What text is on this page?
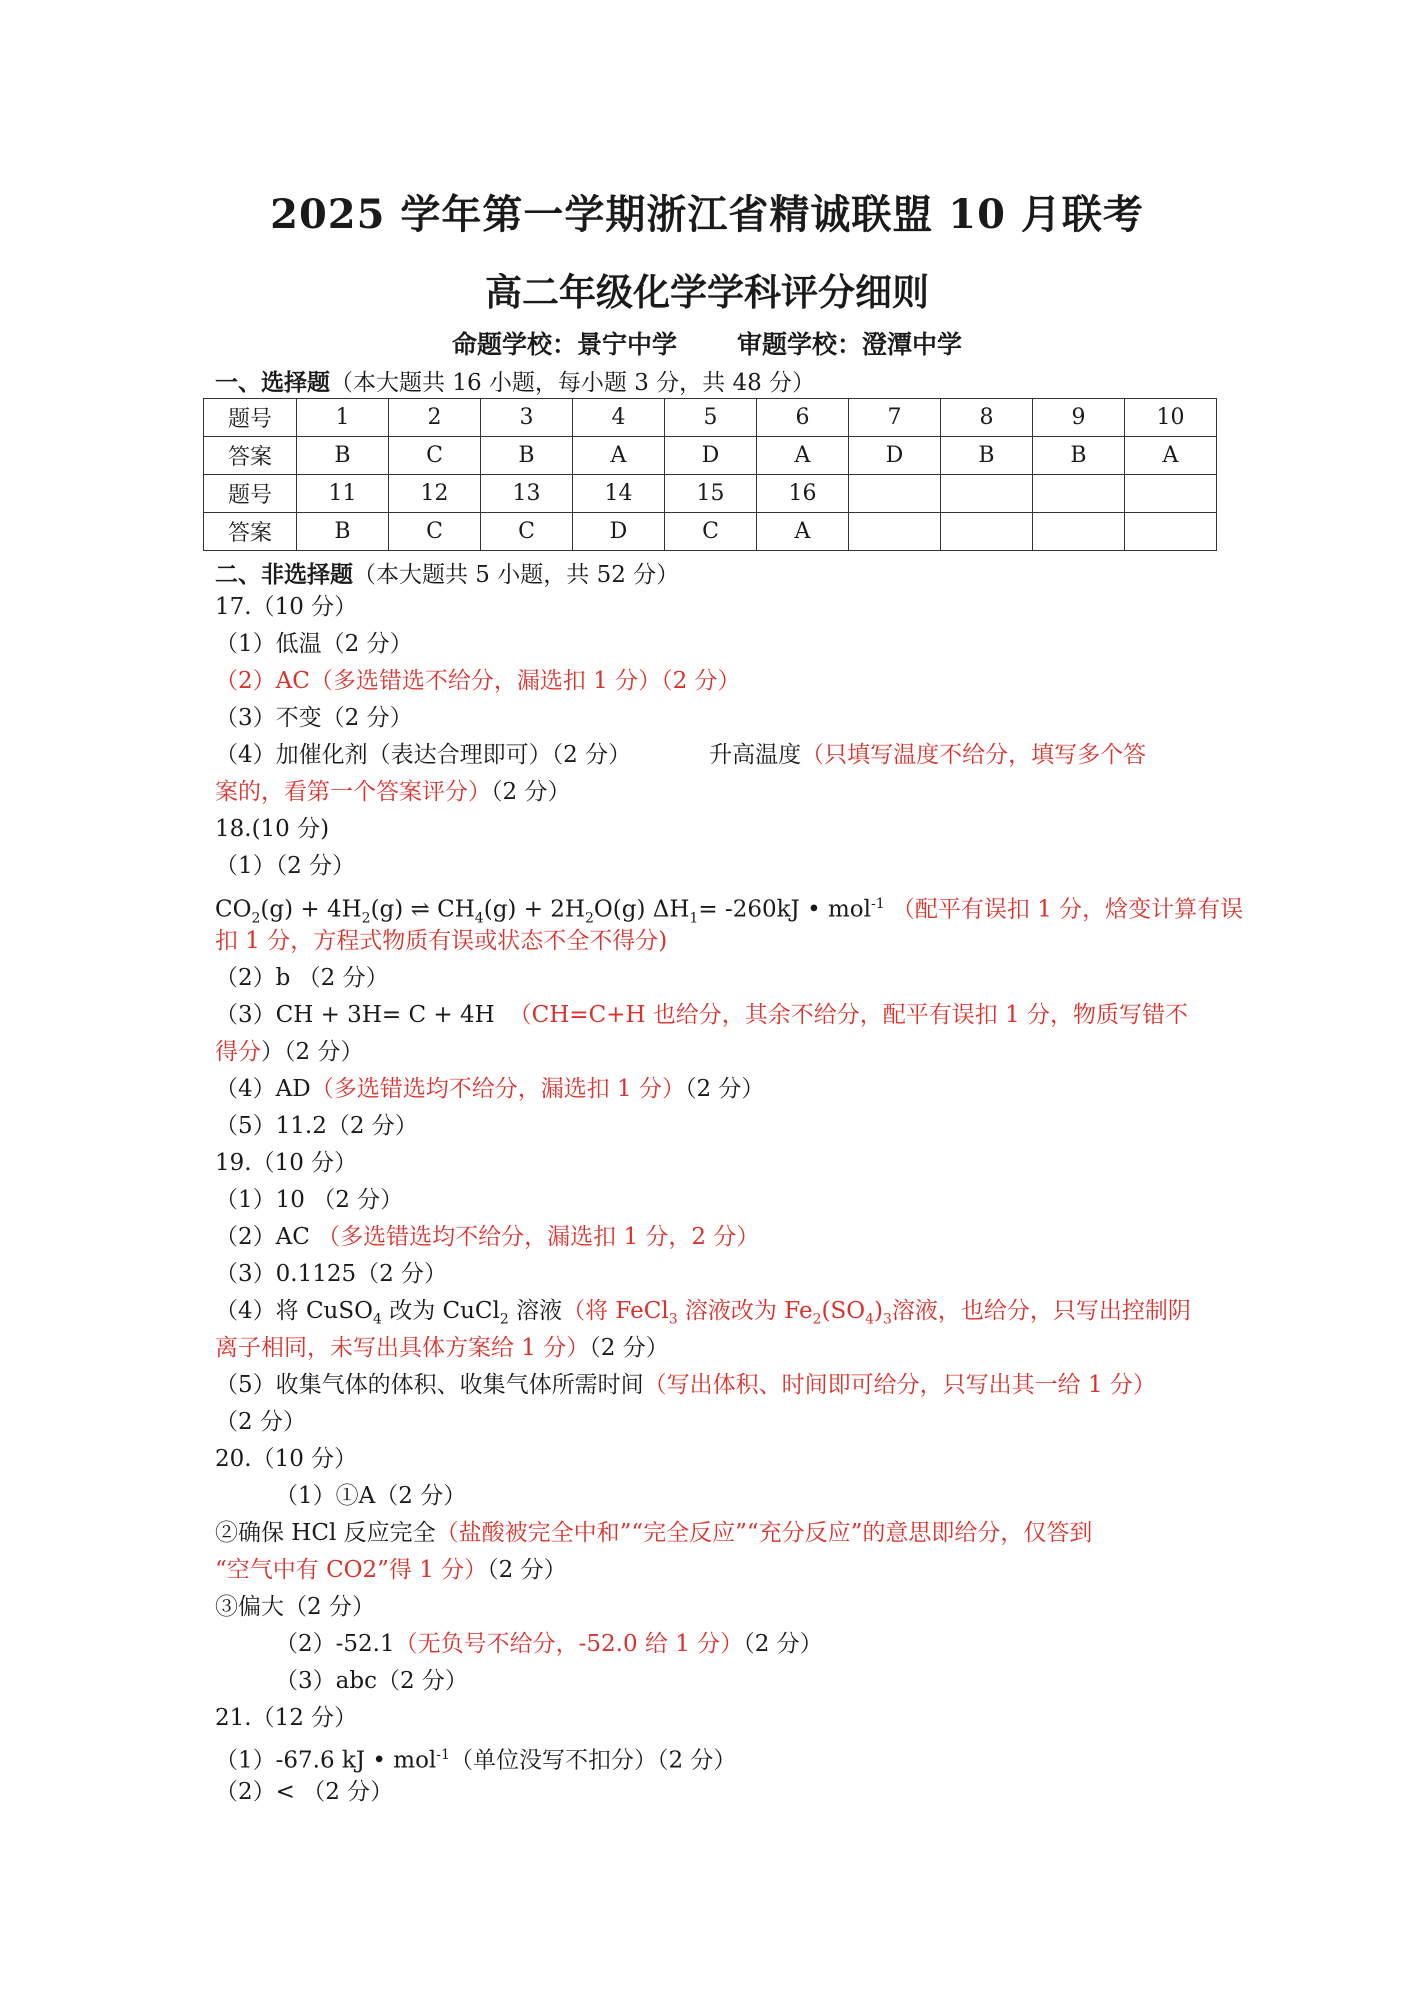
2025 学年第一学期浙江省精诚联盟 10 月联考
高二年级化学学科评分细则
命题学校：景宁中学 审题学校：澄潭中学
一、选择题（本大题共 16 小题，每小题 3 分，共 48 分）
题号	1	2	3	4	5	6	7	8	9	10
答案	B	C	B	A	D	A	D	B	B	A
题号	11	12	13	14	15	16				
答案	B	C	C	D	C	A				
二、非选择题（本大题共 5 小题，共 52 分）
17.（10 分）
（1）低温（2 分）
（2）AC（多选错选不给分，漏选扣 1 分）（2 分）
（3）不变（2 分）
（4）加催化剂（表达合理即可）（2 分）	升高温度（只填写温度不给分，填写多个答
案的，看第一个答案评分）（2 分）
18.(10 分)
（1）（2 分）
$CO_2(g) + 4H_2(g)$ ⇌ $CH_4(g) + 2H_2O(g)$ $\Delta H_1= -260kJ$ • mol$^{-1}$ （配平有误扣 1 分，焓变计算有误
扣 1 分，方程式物质有误或状态不全不得分)
（2）b （2 分）
（3）CH + 3H= C + 4H （CH=C+H 也给分，其余不给分，配平有误扣 1 分，物质写错不
得分）（2 分）
（4）AD（多选错选均不给分，漏选扣 1 分）（2 分）
（5）11.2（2 分）
19.（10 分）
（1）10 （2 分）
（2）AC （多选错选均不给分，漏选扣 1 分，2 分）
（3）0.1125（2 分）
（4）将 CuSO$_4$ 改为 CuCl$_2$ 溶液（将 FeCl$_3$ 溶液改为 $Fe_2(SO_4)_3$溶液，也给分，只写出控制阴
离子相同，未写出具体方案给 1 分）（2 分）
（5）收集气体的体积、收集气体所需时间（写出体积、时间即可给分，只写出其一给 1 分）
（2 分）
20.（10 分）
（1）①A（2 分）
②确保 HCl 反应完全（盐酸被完全中和”“完全反应”“充分反应”的意思即给分，仅答到
“空气中有 CO2”得 1 分）（2 分）
③偏大（2 分）
（2）-52.1（无负号不给分，-52.0 给 1 分）（2 分）
（3）abc（2 分）
21.（12 分）
（1）-67.6 kJ • mol$^{-1}$（单位没写不扣分）（2 分）
（2）< （2 分）
